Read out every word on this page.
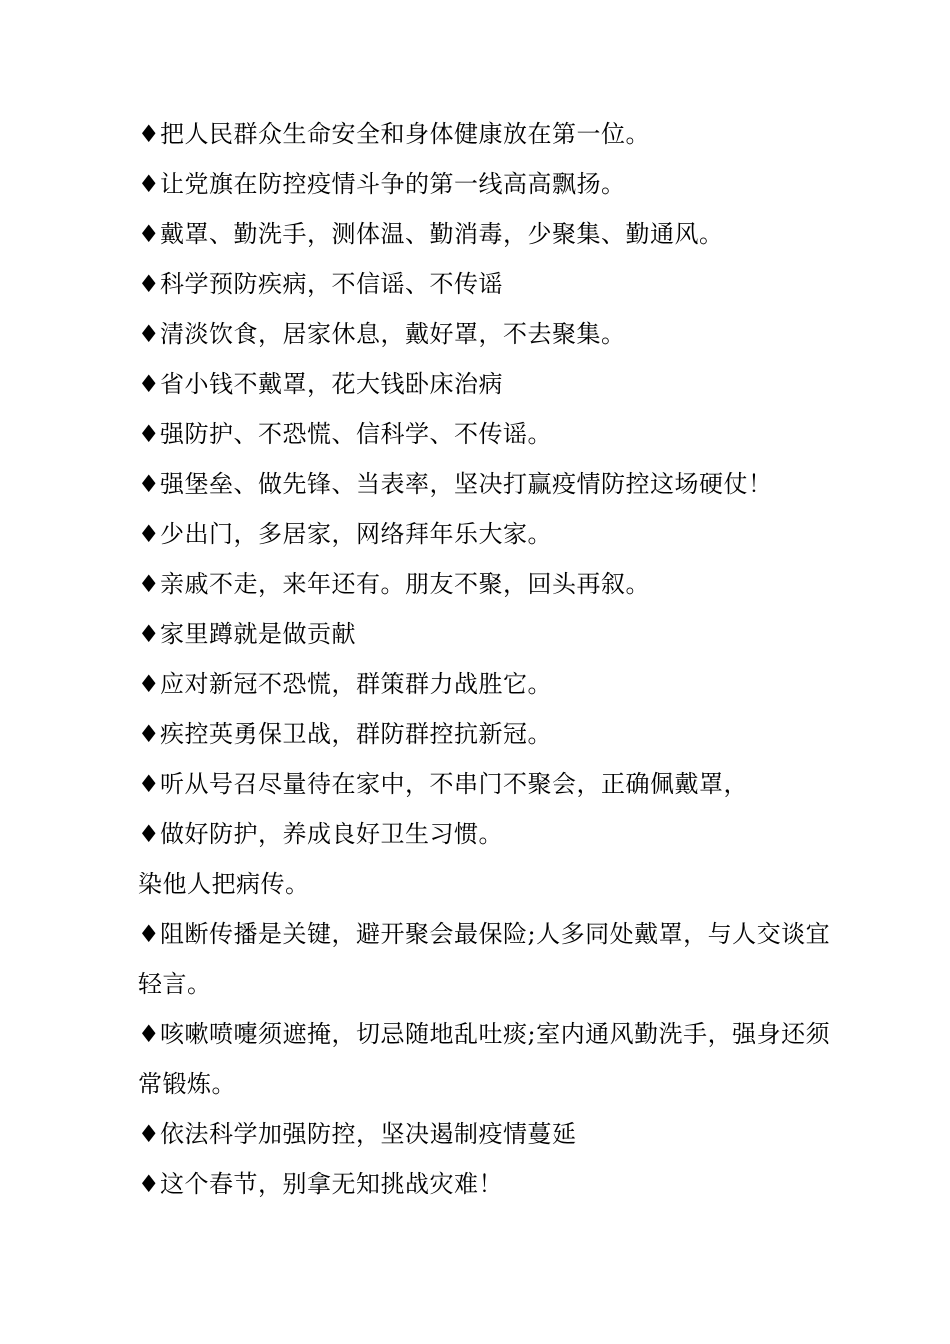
♦把人民群众生命安全和身体健康放在第一位。
♦让党旗在防控疫情斗争的第一线高高飘扬。
♦戴罩、勤洗手，测体温、勤消毒，少聚集、勤通风。
♦科学预防疾病，不信谣、不传谣
♦清淡饮食，居家休息，戴好罩，不去聚集。
♦省小钱不戴罩，花大钱卧床治病
♦强防护、不恐慌、信科学、不传谣。
♦强堡垒、做先锋、当表率，坚决打赢疫情防控这场硬仗！
♦少出门，多居家，网络拜年乐大家。
♦亲戚不走，来年还有。朋友不聚，回头再叙。
♦家里蹲就是做贡献
♦应对新冠不恐慌，群策群力战胜它。
♦疾控英勇保卫战，群防群控抗新冠。
♦听从号召尽量待在家中，不串门不聚会，正确佩戴罩，
♦做好防护，养成良好卫生习惯。
染他人把病传。
♦阻断传播是关键，避开聚会最保险;人多同处戴罩，与人交谈宜
轻言。
♦咳嗽喷嚏须遮掩，切忌随地乱吐痰;室内通风勤洗手，强身还须
常锻炼。
♦依法科学加强防控，坚决遏制疫情蔓延
♦这个春节，别拿无知挑战灾难！
